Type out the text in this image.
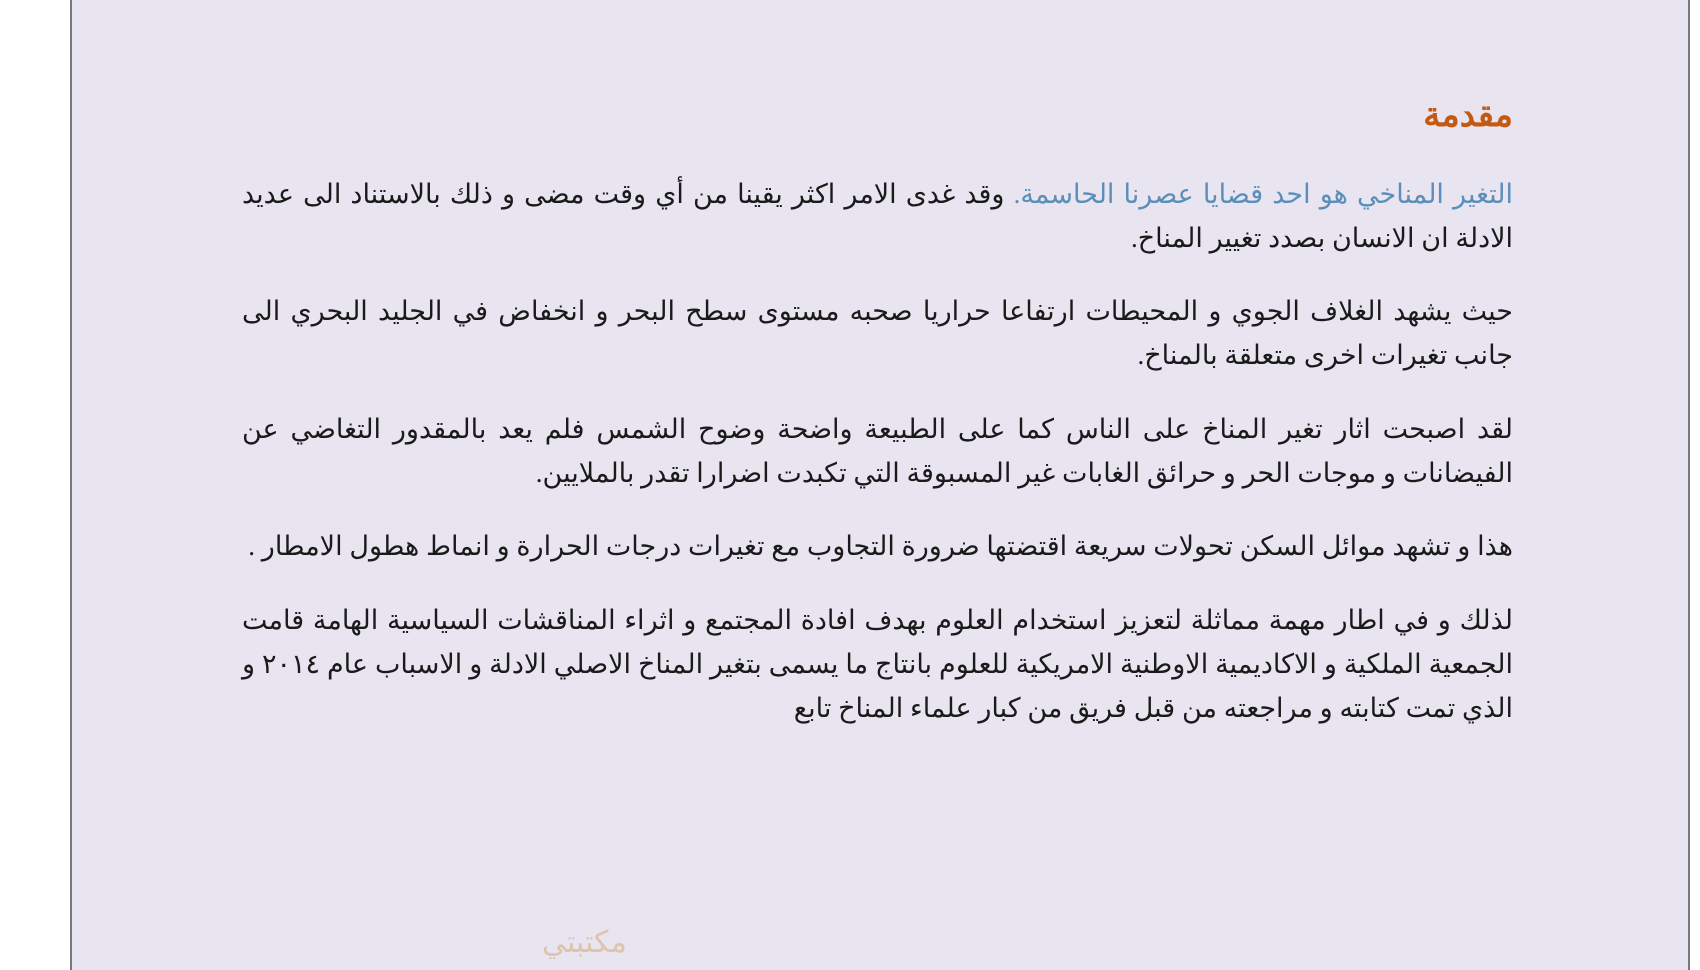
مقدمة

التغير المناخي هو احد قضايا عصرنا الحاسمة. وقد غدى الامر اكثر يقينا من أي وقت مضى و ذلك بالاستناد الى عديد الادلة ان الانسان بصدد تغيير المناخ.

حيث يشهد الغلاف الجوي و المحيطات ارتفاعا حراريا صحبه مستوى سطح البحر و انخفاض في الجليد البحري الى جانب تغيرات اخرى متعلقة بالمناخ.

لقد اصبحت اثار تغير المناخ على الناس كما على الطبيعة واضحة وضوح الشمس فلم يعد بالمقدور التغاضي عن الفيضانات و موجات الحر و حرائق الغابات غير المسبوقة التي تكبدت اضرارا تقدر بالملايين.

هذا و تشهد موائل السكن تحولات سريعة اقتضتها ضرورة التجاوب مع تغيرات درجات الحرارة و انماط هطول الامطار .

لذلك و في اطار مهمة مماثلة لتعزيز استخدام العلوم بهدف افادة المجتمع و اثراء المناقشات السياسية الهامة قامت الجمعية الملكية و الاكاديمية الاوطنية الامريكية للعلوم بانتاج ما يسمى بتغير المناخ الاصلي الادلة و الاسباب عام ٢٠١٤ و الذي تمت كتابته و مراجعته من قبل فريق من كبار علماء المناخ تابع

مكتبتي
